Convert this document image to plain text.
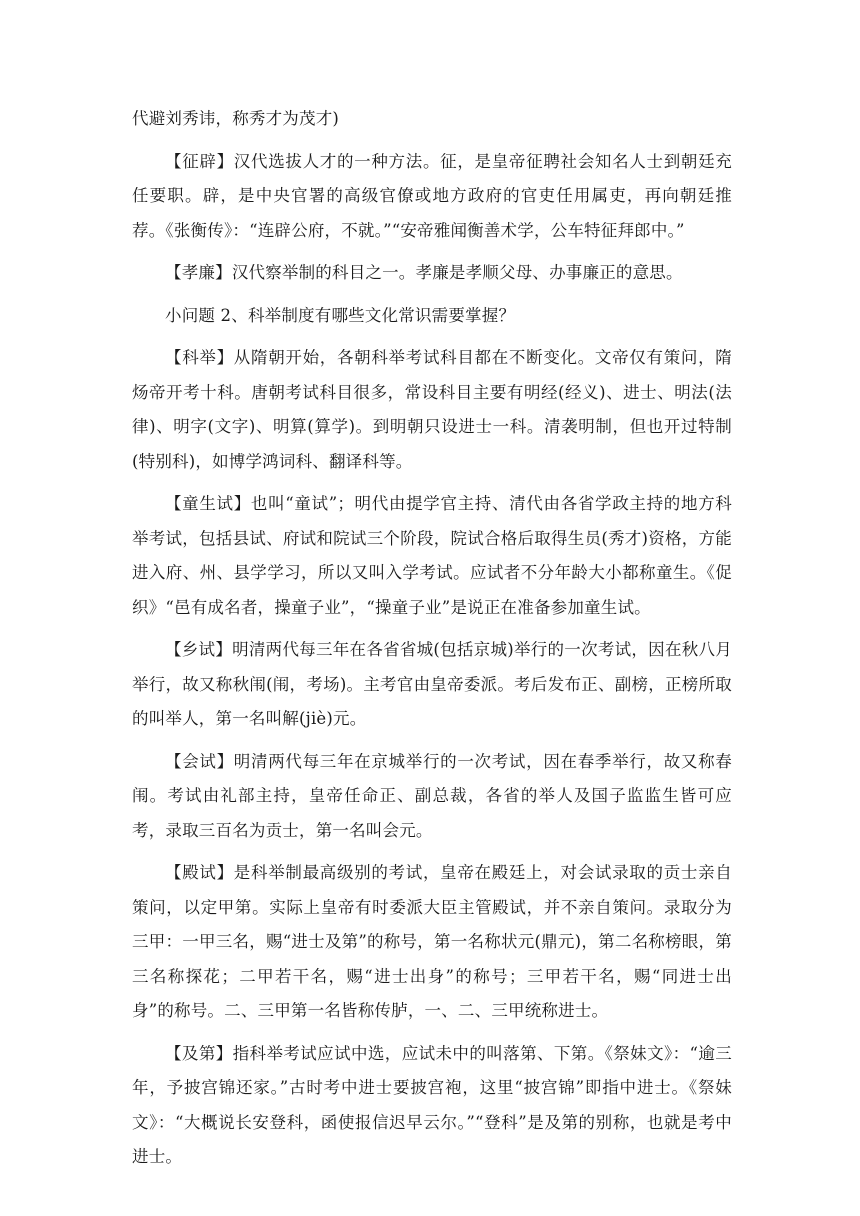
代避刘秀讳，称秀才为茂才)

【征辟】汉代选拔人才的一种方法。征，是皇帝征聘社会知名人士到朝廷充任要职。辟，是中央官署的高级官僚或地方政府的官吏任用属吏，再向朝廷推荐。《张衡传》：“连辟公府，不就。”“安帝雅闻衡善术学，公车特征拜郎中。”

【孝廉】汉代察举制的科目之一。孝廉是孝顺父母、办事廉正的意思。

小问题 2、科举制度有哪些文化常识需要掌握？

【科举】从隋朝开始，各朝科举考试科目都在不断变化。文帝仅有策问，隋炀帝开考十科。唐朝考试科目很多，常设科目主要有明经(经义)、进士、明法(法律)、明字(文字)、明算(算学)。到明朝只设进士一科。清袭明制，但也开过特制(特别科)，如博学鸿词科、翻译科等。

【童生试】也叫“童试”；明代由提学官主持、清代由各省学政主持的地方科举考试，包括县试、府试和院试三个阶段，院试合格后取得生员(秀才)资格，方能进入府、州、县学学习，所以又叫入学考试。应试者不分年龄大小都称童生。《促织》“邑有成名者，操童子业”，“操童子业”是说正在准备参加童生试。

【乡试】明清两代每三年在各省省城(包括京城)举行的一次考试，因在秋八月举行，故又称秋闱(闱，考场)。主考官由皇帝委派。考后发布正、副榜，正榜所取的叫举人，第一名叫解(jiè)元。

【会试】明清两代每三年在京城举行的一次考试，因在春季举行，故又称春闱。考试由礼部主持，皇帝任命正、副总裁，各省的举人及国子监监生皆可应考，录取三百名为贡士，第一名叫会元。

【殿试】是科举制最高级别的考试，皇帝在殿廷上，对会试录取的贡士亲自策问，以定甲第。实际上皇帝有时委派大臣主管殿试，并不亲自策问。录取分为三甲：一甲三名，赐“进士及第”的称号，第一名称状元(鼎元)，第二名称榜眼，第三名称探花；二甲若干名，赐“进士出身”的称号；三甲若干名，赐“同进士出身”的称号。二、三甲第一名皆称传胪，一、二、三甲统称进士。

【及第】指科举考试应试中选，应试未中的叫落第、下第。《祭妹文》：“逾三年，予披宫锦还家。”古时考中进士要披宫袍，这里“披宫锦”即指中进士。《祭妹文》：“大概说长安登科，函使报信迟早云尔。”“登科”是及第的别称，也就是考中进士。
